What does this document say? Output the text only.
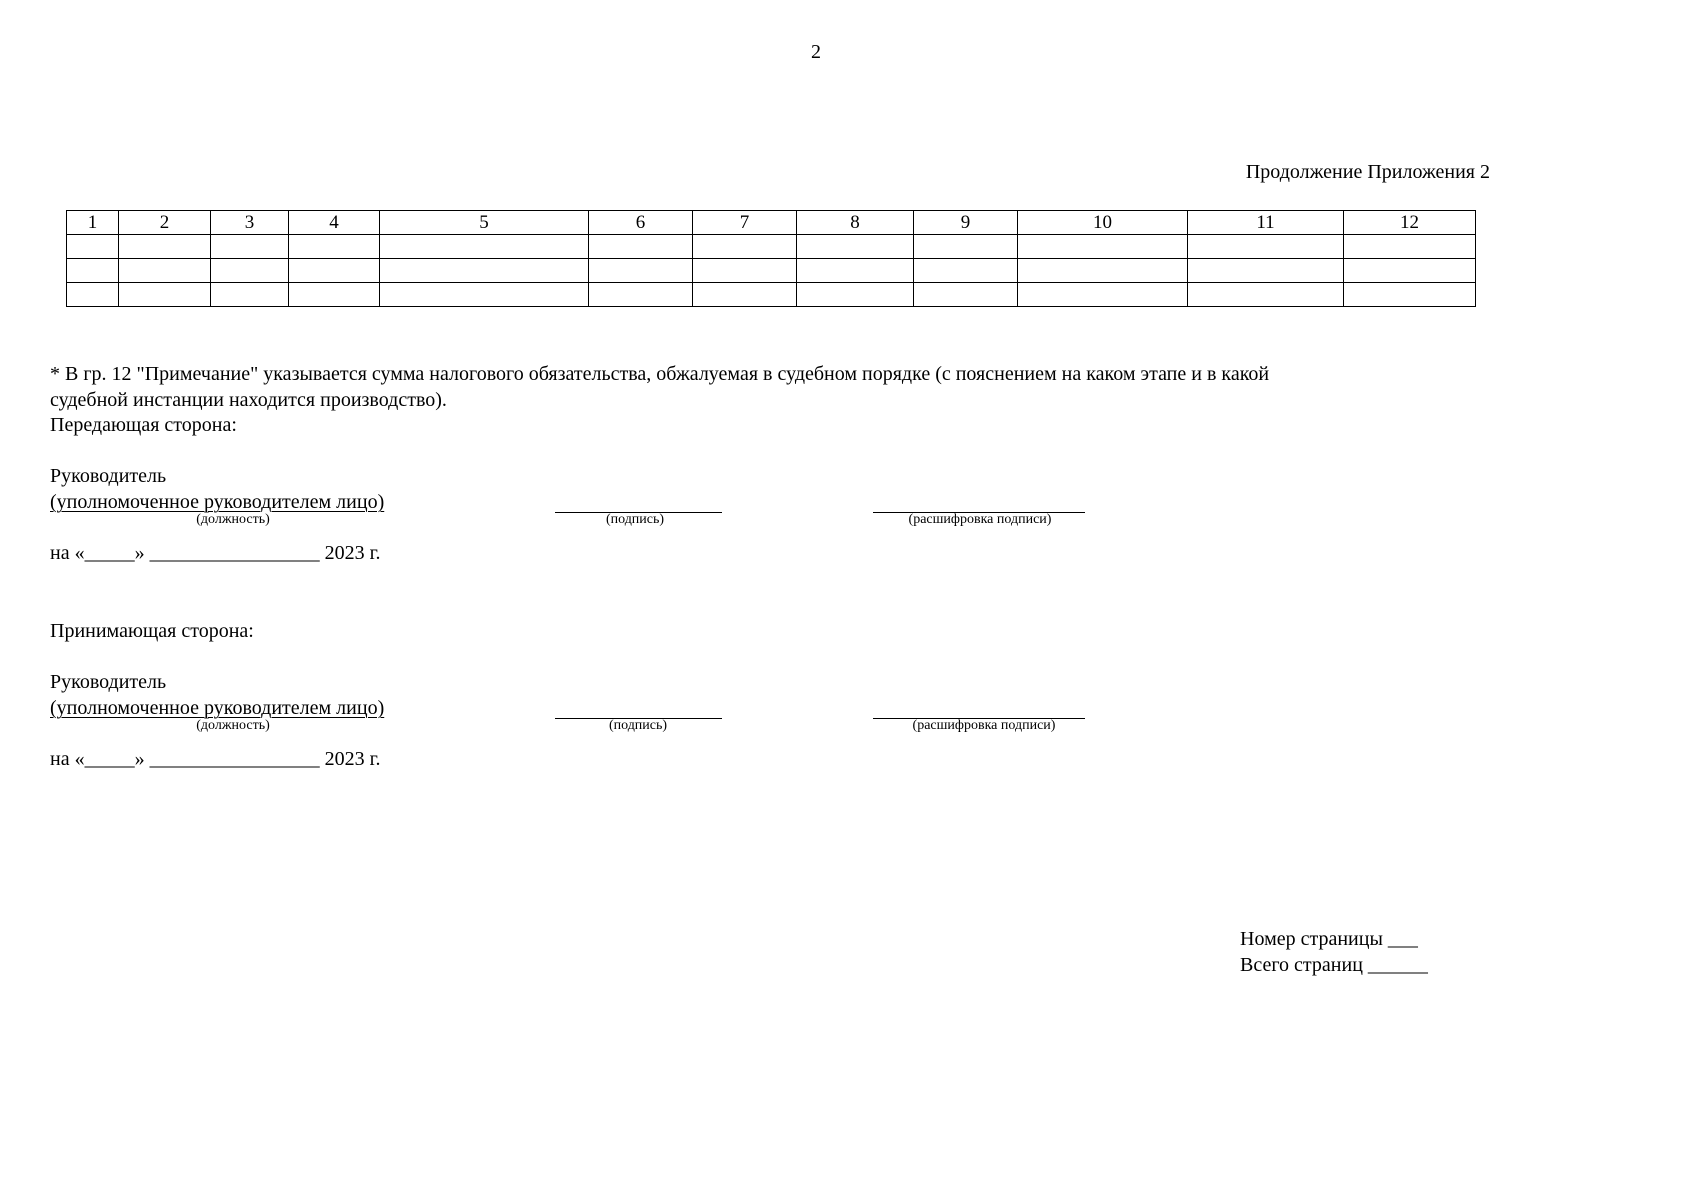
2
Продолжение Приложения 2
1	2	3	4	5	6	7	8	9	10	11	12

* В гр. 12 "Примечание" указывается сумма налогового обязательства, обжалуемая в судебном порядке (с пояснением на каком этапе и в какой
судебной инстанции находится производство).
Передающая сторона:
Руководитель
(уполномоченное руководителем лицо)
(должность)	(подпись)	(расшифровка подписи)
на «_____» _________________ 2023 г.
Принимающая сторона:
Руководитель
(уполномоченное руководителем лицо)
(должность)	(подпись)	(расшифровка подписи)
на «_____» _________________ 2023 г.
Номер страницы ___
Всего страниц ______
